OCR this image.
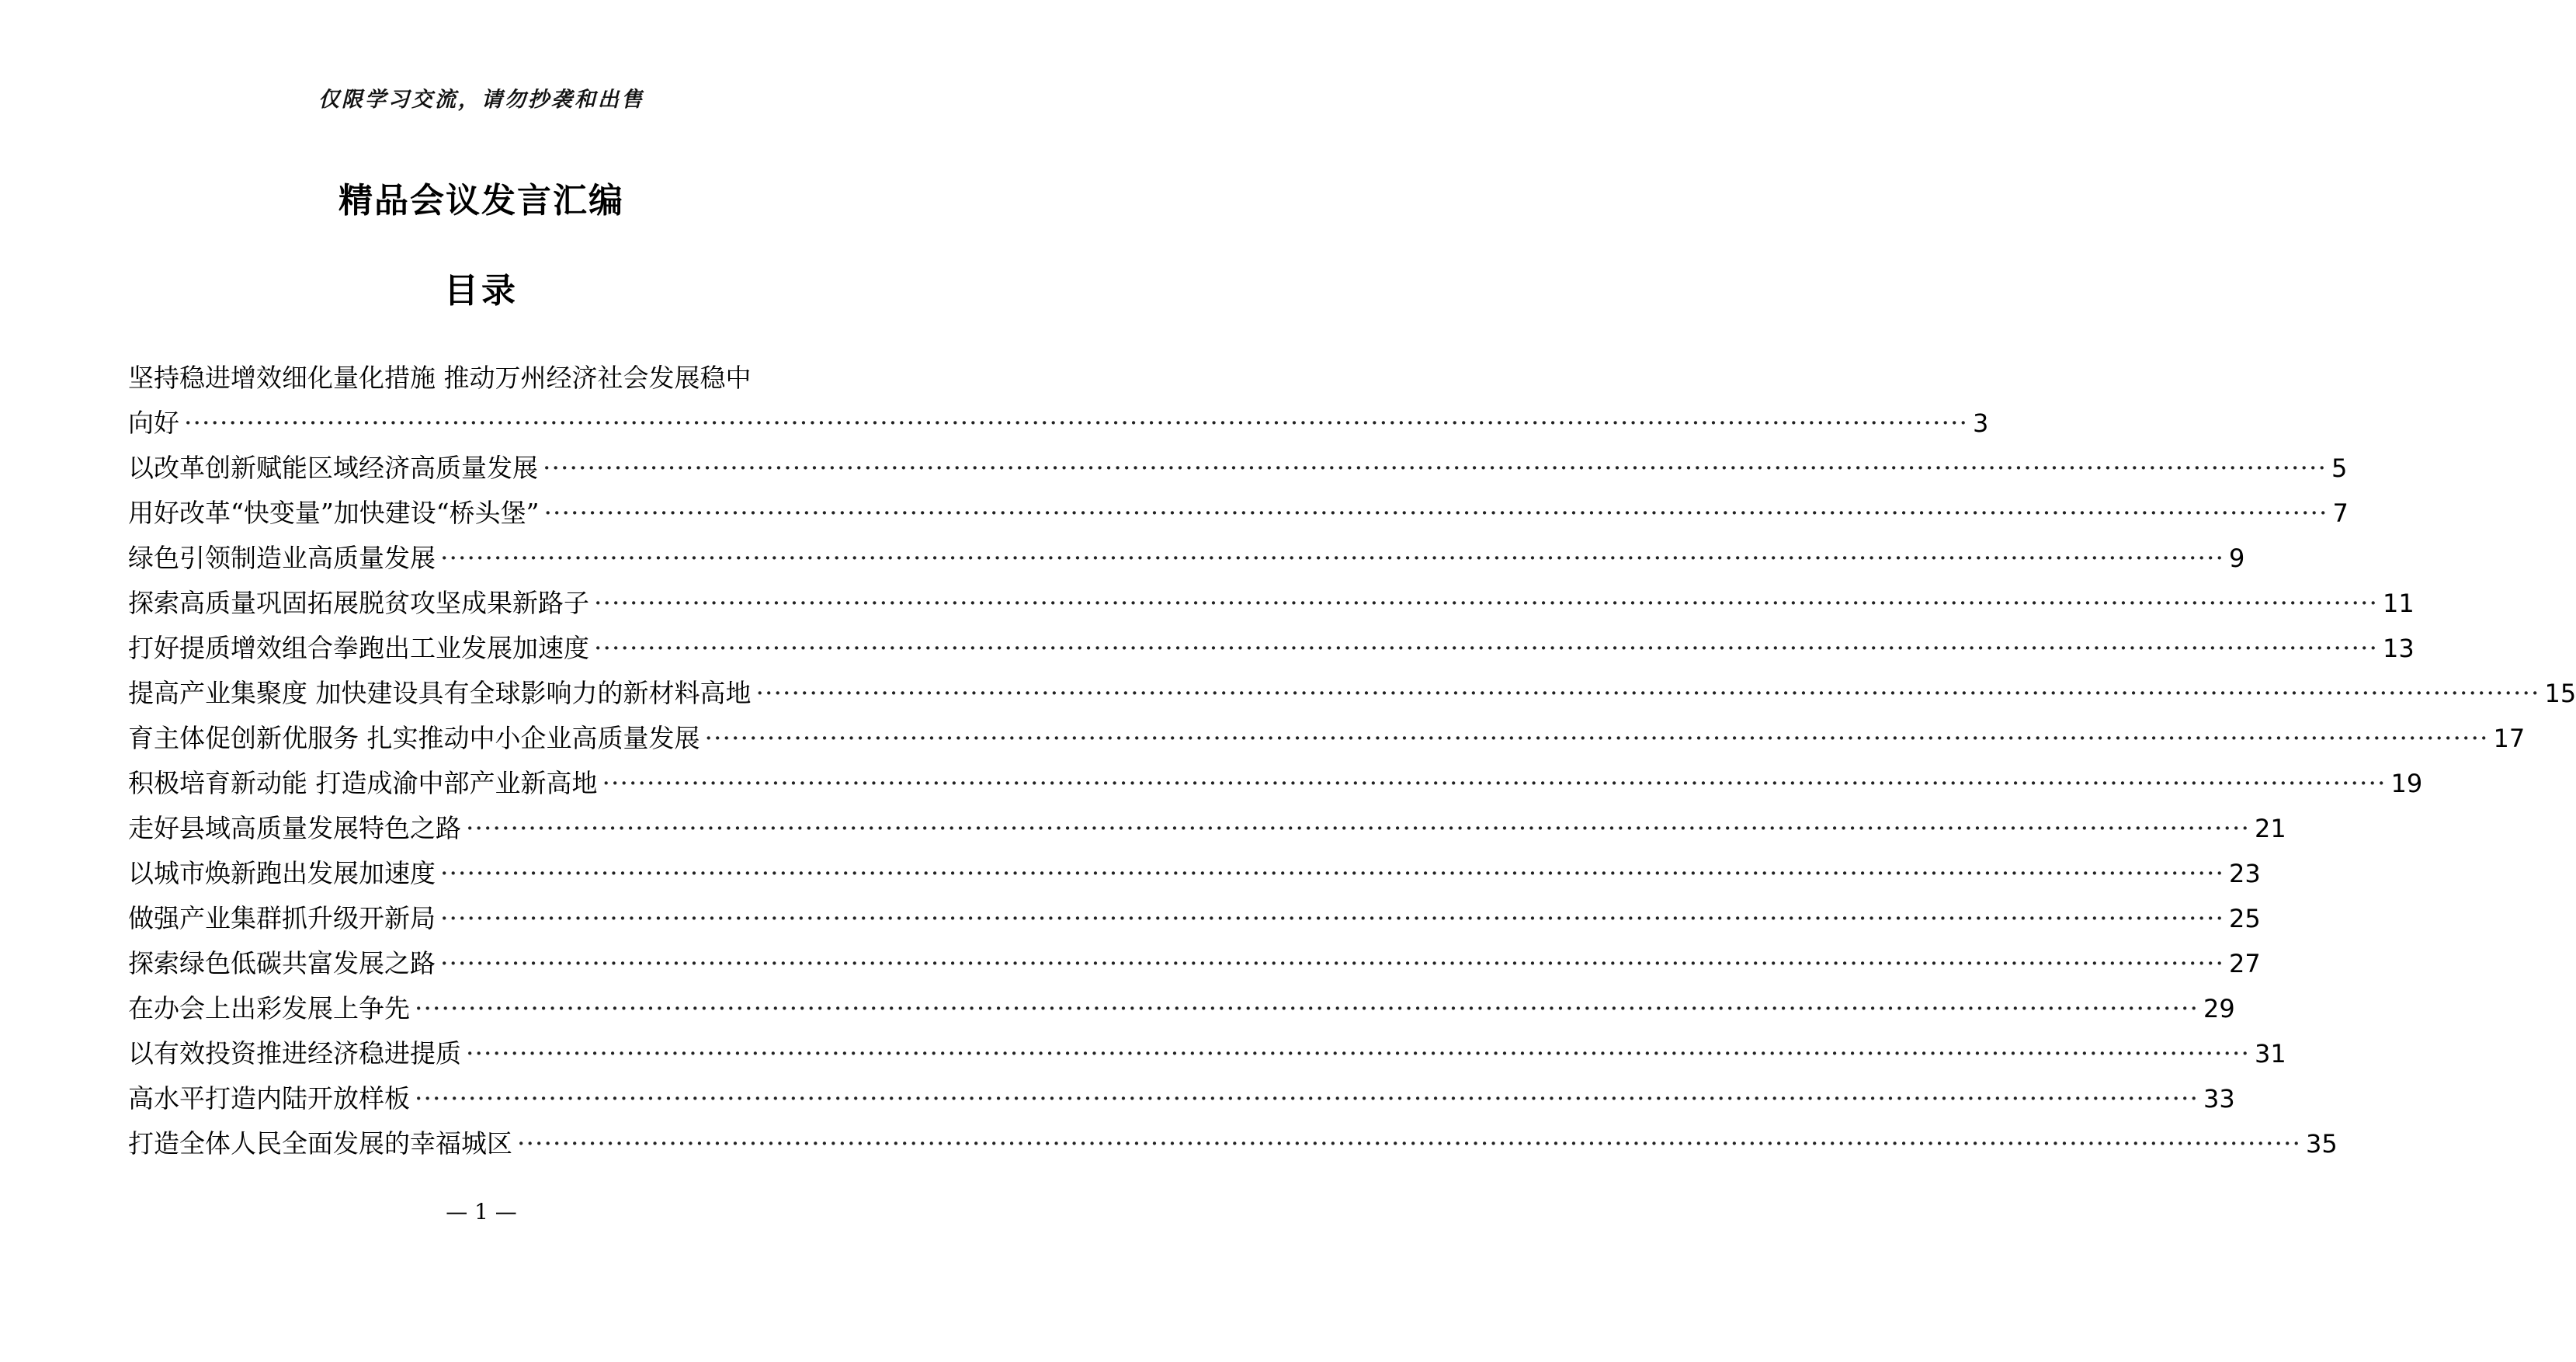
仅限学习交流，请勿抄袭和出售
精品会议发言汇编
目录
坚持稳进增效细化量化措施 推动万州经济社会发展稳中
向好 ········································································································································································································ 3
以改革创新赋能区域经济高质量发展 ········································································································································································································ 5
用好改革“快变量”加快建设“桥头堡” ········································································································································································································ 7
绿色引领制造业高质量发展 ········································································································································································································ 9
探索高质量巩固拓展脱贫攻坚成果新路子 ········································································································································································································ 11
打好提质增效组合拳跑出工业发展加速度 ········································································································································································································ 13
提高产业集聚度 加快建设具有全球影响力的新材料高地 ········································································································································································································ 15
育主体促创新优服务 扎实推动中小企业高质量发展 ········································································································································································································ 17
积极培育新动能 打造成渝中部产业新高地 ········································································································································································································ 19
走好县域高质量发展特色之路 ········································································································································································································ 21
以城市焕新跑出发展加速度 ········································································································································································································ 23
做强产业集群抓升级开新局 ········································································································································································································ 25
探索绿色低碳共富发展之路 ········································································································································································································ 27
在办会上出彩发展上争先 ········································································································································································································ 29
以有效投资推进经济稳进提质 ········································································································································································································ 31
高水平打造内陆开放样板 ········································································································································································································ 33
打造全体人民全面发展的幸福城区 ········································································································································································································ 35
— 1 —
